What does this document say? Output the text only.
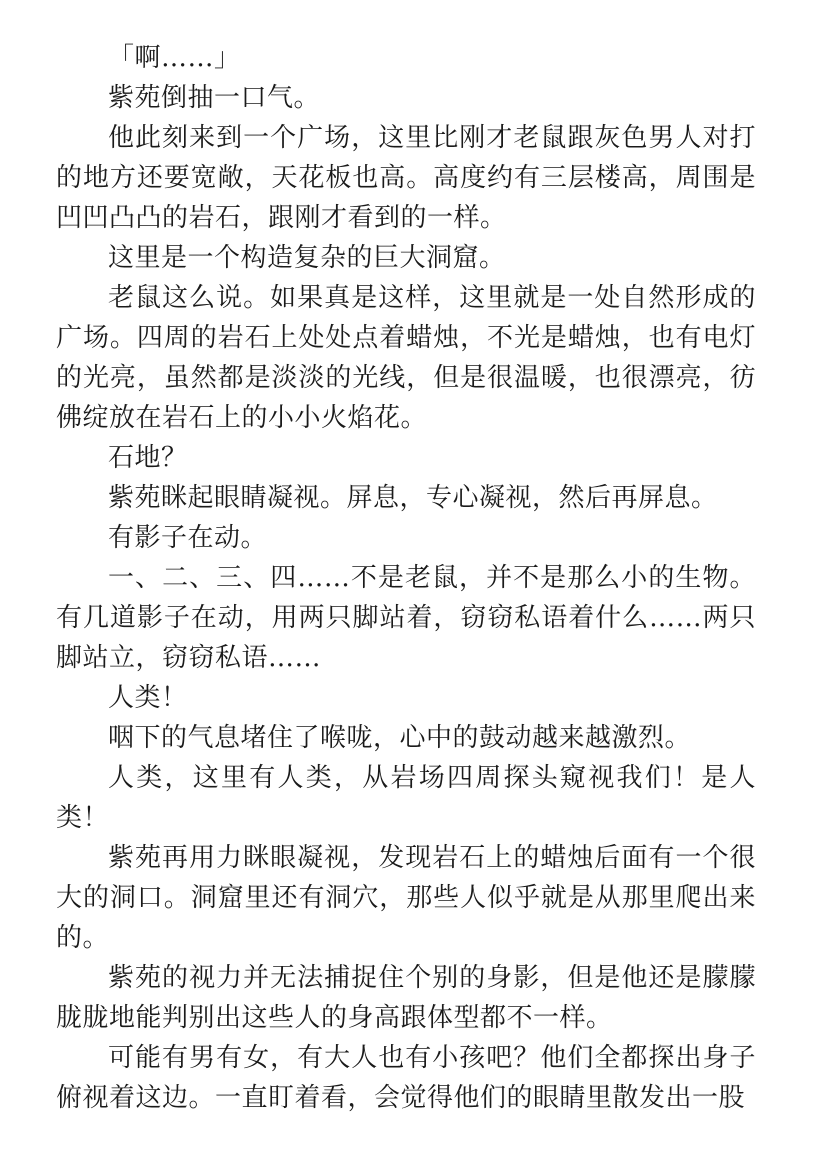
「啊……」

紫苑倒抽一口气。

他此刻来到一个广场，这里比刚才老鼠跟灰色男人对打的地方还要宽敞，天花板也高。高度约有三层楼高，周围是凹凹凸凸的岩石，跟刚才看到的一样。

这里是一个构造复杂的巨大洞窟。

老鼠这么说。如果真是这样，这里就是一处自然形成的广场。四周的岩石上处处点着蜡烛，不光是蜡烛，也有电灯的光亮，虽然都是淡淡的光线，但是很温暖，也很漂亮，彷佛绽放在岩石上的小小火焰花。

石地？

紫苑眯起眼睛凝视。屏息，专心凝视，然后再屏息。

有影子在动。

一、二、三、四……不是老鼠，并不是那么小的生物。有几道影子在动，用两只脚站着，窃窃私语着什么……两只脚站立，窃窃私语……

人类！

咽下的气息堵住了喉咙，心中的鼓动越来越激烈。

人类，这里有人类，从岩场四周探头窥视我们！是人类！

紫苑再用力眯眼凝视，发现岩石上的蜡烛后面有一个很大的洞口。洞窟里还有洞穴，那些人似乎就是从那里爬出来的。

紫苑的视力并无法捕捉住个别的身影，但是他还是朦朦胧胧地能判别出这些人的身高跟体型都不一样。

可能有男有女，有大人也有小孩吧？他们全都探出身子俯视着这边。一直盯着看，会觉得他们的眼睛里散发出一股
